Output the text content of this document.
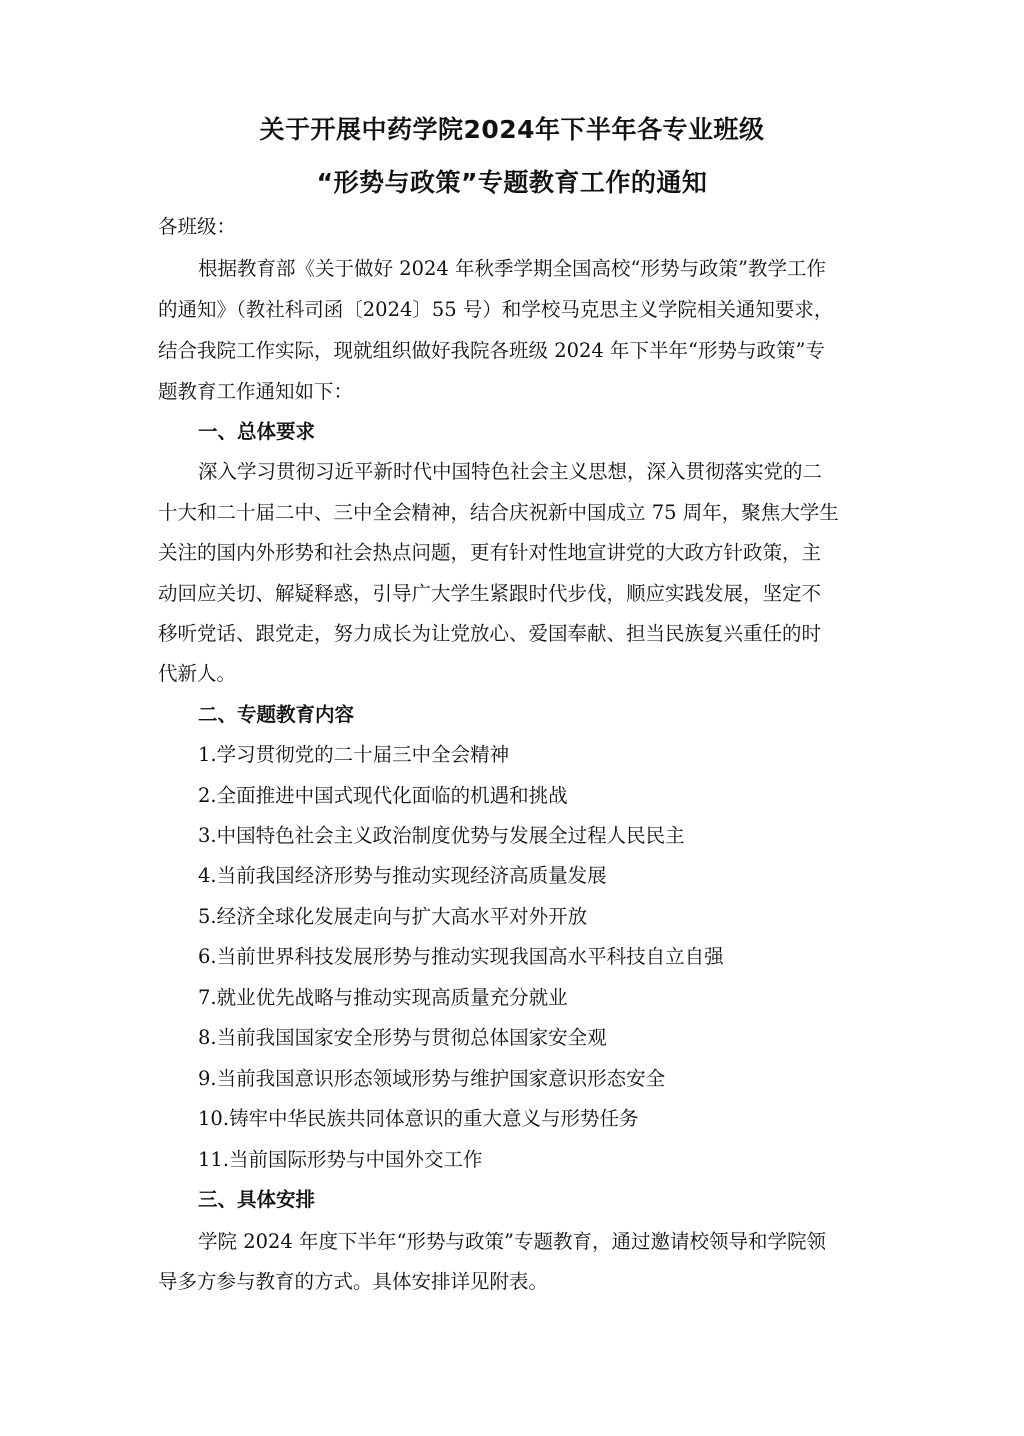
关于开展中药学院2024年下半年各专业班级
“形势与政策”专题教育工作的通知
各班级：
根据教育部《关于做好 2024 年秋季学期全国高校“形势与政策”教学工作
的通知》（教社科司函〔2024〕55 号）和学校马克思主义学院相关通知要求，
结合我院工作实际，现就组织做好我院各班级 2024 年下半年“形势与政策”专
题教育工作通知如下：
一、总体要求
深入学习贯彻习近平新时代中国特色社会主义思想，深入贯彻落实党的二
十大和二十届二中、三中全会精神，结合庆祝新中国成立 75 周年，聚焦大学生
关注的国内外形势和社会热点问题，更有针对性地宣讲党的大政方针政策，主
动回应关切、解疑释惑，引导广大学生紧跟时代步伐，顺应实践发展，坚定不
移听党话、跟党走，努力成长为让党放心、爱国奉献、担当民族复兴重任的时
代新人。
二、专题教育内容
1.学习贯彻党的二十届三中全会精神
2.全面推进中国式现代化面临的机遇和挑战
3.中国特色社会主义政治制度优势与发展全过程人民民主
4.当前我国经济形势与推动实现经济高质量发展
5.经济全球化发展走向与扩大高水平对外开放
6.当前世界科技发展形势与推动实现我国高水平科技自立自强
7.就业优先战略与推动实现高质量充分就业
8.当前我国国家安全形势与贯彻总体国家安全观
9.当前我国意识形态领域形势与维护国家意识形态安全
10.铸牢中华民族共同体意识的重大意义与形势任务
11.当前国际形势与中国外交工作
三、具体安排
学院 2024 年度下半年“形势与政策”专题教育，通过邀请校领导和学院领
导多方参与教育的方式。具体安排详见附表。
